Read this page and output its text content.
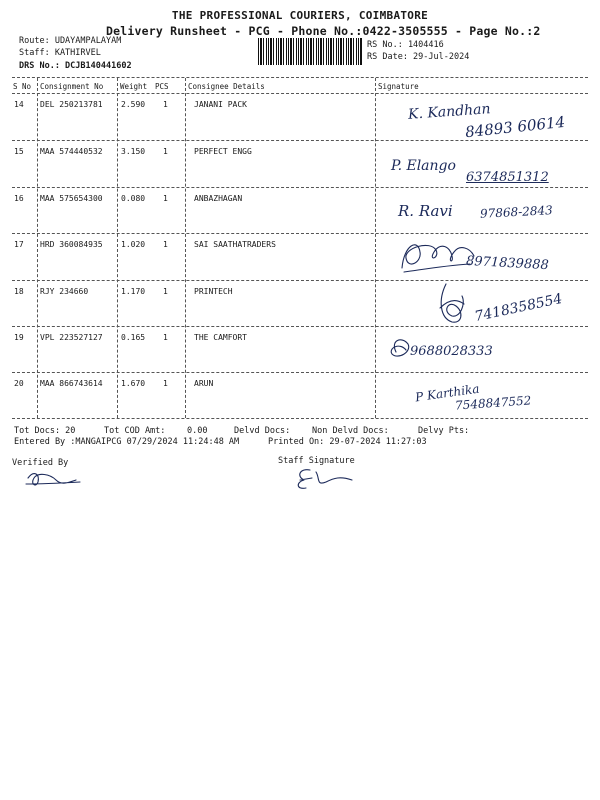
THE PROFESSIONAL COURIERS, COIMBATORE
Delivery Runsheet - PCG - Phone No.:0422-3505555 - Page No.:2
Route: UDAYAMPALAYAM
Staff: KATHIRVEL
DRS No.: DCJB140441602
RS No.: 1404416
RS Date: 29-Jul-2024
S No Consignment No Weight PCS	Consignee Details	Signature
14 DEL 250213781 2.590 1	JANANI PACK	K. Kandhan
84893 60614
15 MAA 574440532 3.150 1	PERFECT ENGG
P. Elango
6374851312
16 MAA 575654300 0.080 1	ANBAZHAGAN
R. Ravi 97868-2843
17 HRD 360084935 1.020 1	SAI SAATHATRADERS
8971839888
18 RJY 234660	1.170 1	PRINTECH	7418358554
19 VPL 223527127 0.165 1	THE CAMFORT
9688028333
20 MAA 866743614 1.670 1	ARUN	P Karthika
7548847552
Tot Docs: 20	Tot COD Amt:	0.00	Delvd Docs:	Non Delvd Docs:	Delvy Pts:
Entered By :MANGAIPCG 07/29/2024 11:24:48 AM	Printed On: 29-07-2024 11:27:03
Verified By	Staff Signature
